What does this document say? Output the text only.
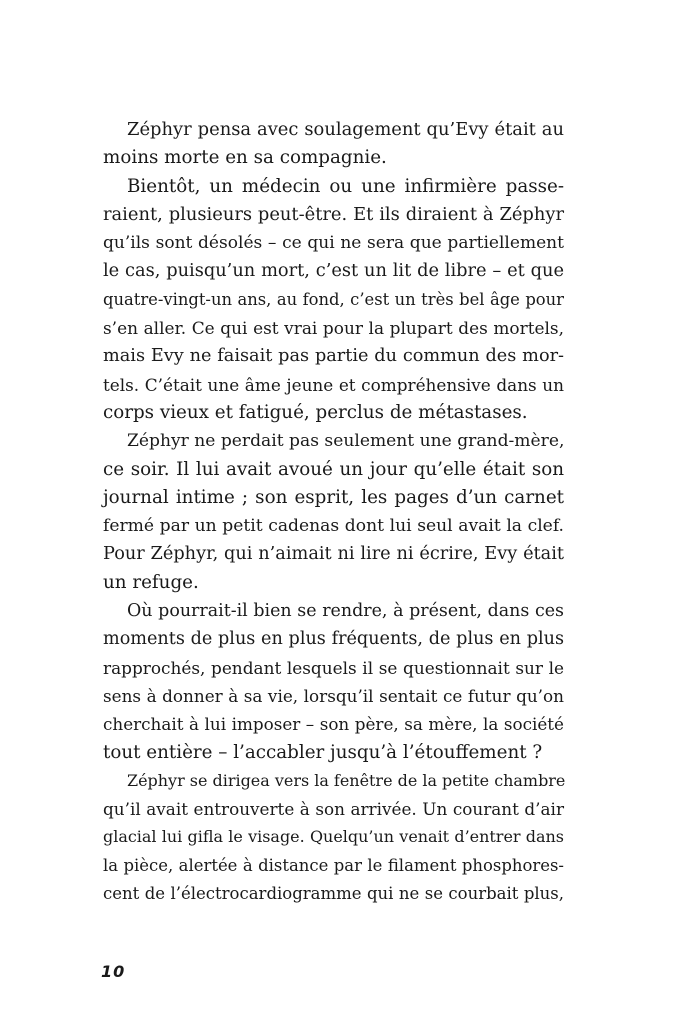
Zéphyr pensa avec soulagement qu’Evy était au
moins morte en sa compagnie.
Bientôt, un médecin ou une infirmière passe-
raient, plusieurs peut-être. Et ils diraient à Zéphyr
qu’ils sont désolés – ce qui ne sera que partiellement
le cas, puisqu’un mort, c’est un lit de libre – et que
quatre-vingt-un ans, au fond, c’est un très bel âge pour
s’en aller. Ce qui est vrai pour la plupart des mortels,
mais Evy ne faisait pas partie du commun des mor-
tels. C’était une âme jeune et compréhensive dans un
corps vieux et fatigué, perclus de métastases.
Zéphyr ne perdait pas seulement une grand-mère,
ce soir. Il lui avait avoué un jour qu’elle était son
journal intime ; son esprit, les pages d’un carnet
fermé par un petit cadenas dont lui seul avait la clef.
Pour Zéphyr, qui n’aimait ni lire ni écrire, Evy était
un refuge.
Où pourrait-il bien se rendre, à présent, dans ces
moments de plus en plus fréquents, de plus en plus
rapprochés, pendant lesquels il se questionnait sur le
sens à donner à sa vie, lorsqu’il sentait ce futur qu’on
cherchait à lui imposer – son père, sa mère, la société
tout entière – l’accabler jusqu’à l’étouffement ?
Zéphyr se dirigea vers la fenêtre de la petite chambre
qu’il avait entrouverte à son arrivée. Un courant d’air
glacial lui gifla le visage. Quelqu’un venait d’entrer dans
la pièce, alertée à distance par le filament phosphores-
cent de l’électrocardiogramme qui ne se courbait plus,
10
